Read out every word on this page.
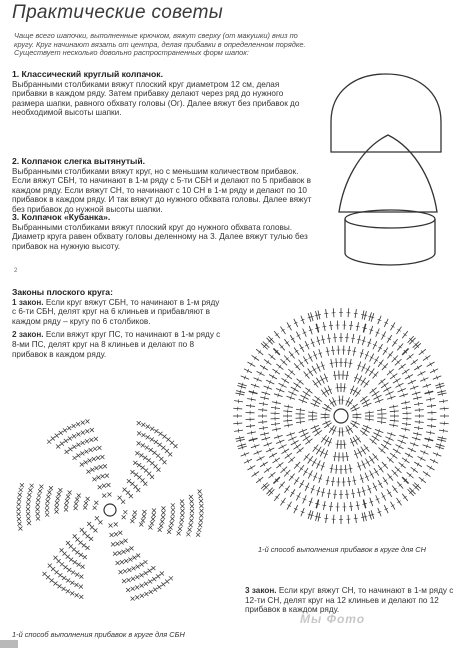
Практические советы
Чаще всего шапочки, выполненные крючком, вяжут сверху (от макушки) вниз по кругу. Круг начинают вязать от центра, делая прибавки в определенном порядке. Существует несколько довольно распространенных форм шапок:
1. Классический круглый колпачок.
Выбранными столбиками вяжут плоский круг диаметром 12 см, делая прибавки в каждом ряду. Затем прибавку делают через ряд до нужного размера шапки, равного обхвату головы (Ог). Далее вяжут без прибавок до необходимой высоты шапки.
2. Колпачок слегка вытянутый.
Выбранными столбиками вяжут круг, но с меньшим количеством прибавок. Если вяжут СБН, то начинают в 1-м ряду с 5-ти СБН и делают по 5 прибавок в каждом ряду. Если вяжут СН, то начинают с 10 СН в 1-м ряду и делают по 10 прибавок в каждом ряду. И так вяжут до нужного обхвата головы. Далее вяжут без прибавок до нужной высоты шапки.
3. Колпачок «Кубанка».
Выбранными столбиками вяжут плоский круг до нужного обхвата головы. Диаметр круга равен обхвату головы деленному на 3. Далее вяжут тулью без прибавок на нужную высоту.
2
Законы плоского круга:
1 закон. Если круг вяжут СБН, то начинают в 1-м ряду с 6-ти СБН, делят круг на 6 клиньев и прибавляют в каждом ряду – кругу по 6 столбиков.
2 закон. Если вяжут круг ПС, то начинают в 1-м ряду с 8-ми ПС, делят круг на 8 клиньев и делают по 8 прибавок в каждом ряду.
3 закон. Если круг вяжут СН, то начинают в 1-м ряду с 12-ти СН, делят круг на 12 клиньев и делают по 12 прибавок в каждом ряду.
Мы Фото
1-й способ выполнения прибавок в круге для СН
1-й способ выполнения прибавок в круге для СБН
